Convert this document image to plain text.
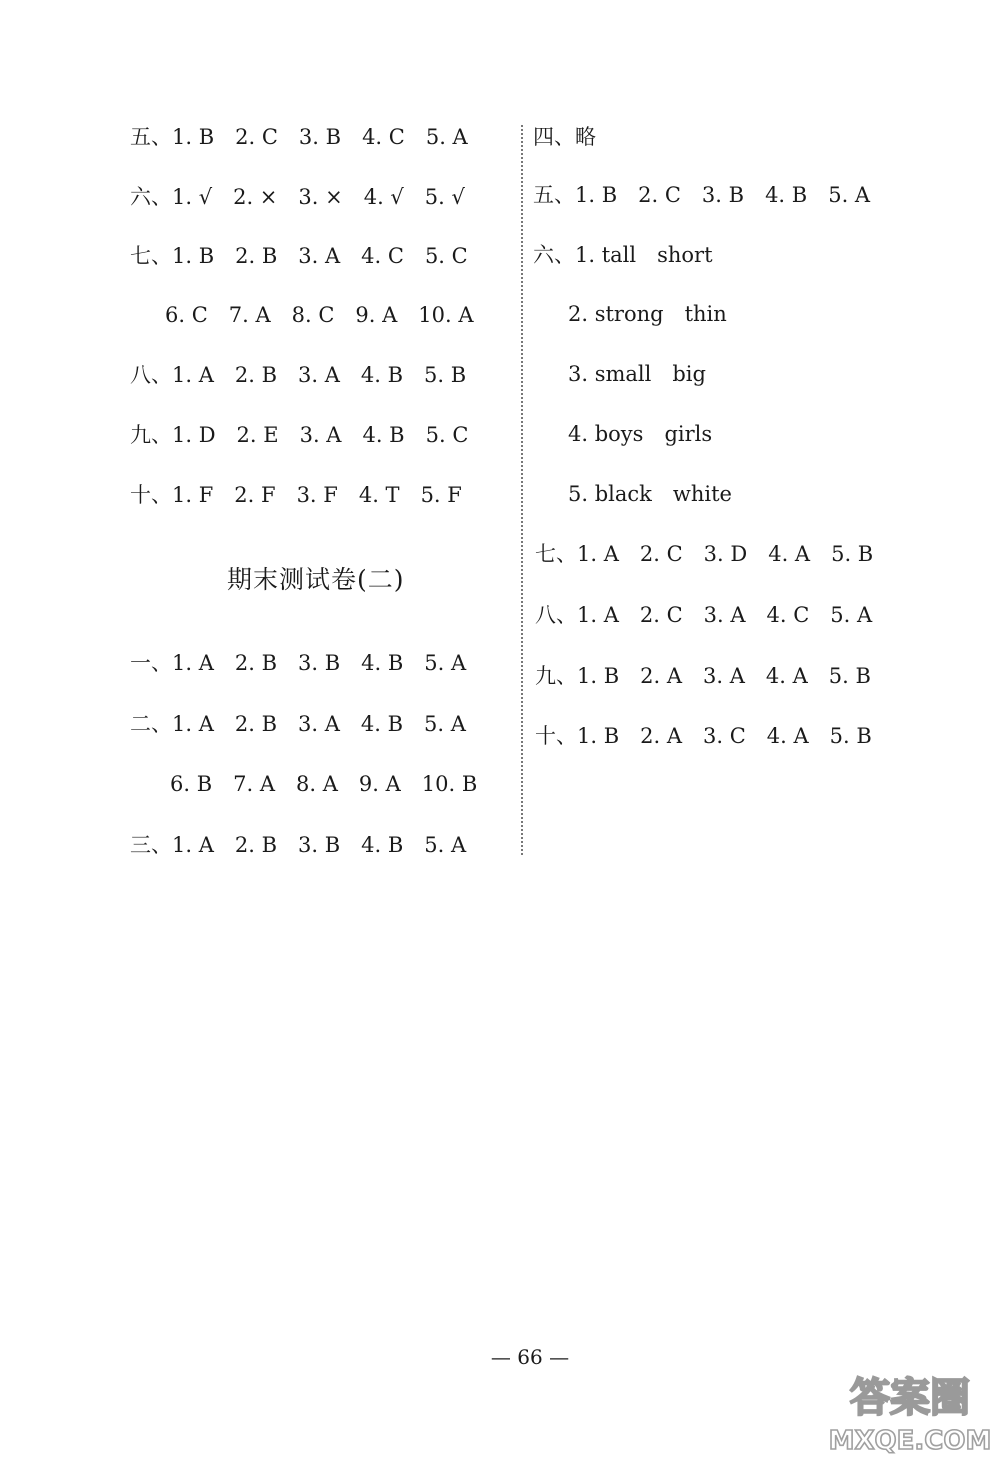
五、1. B　2. C　3. B　4. C　5. A
六、1. √　2. ×　3. ×　4. √　5. √
七、1. B　2. B　3. A　4. C　5. C
6. C　7. A　8. C　9. A　10. A
八、1. A　2. B　3. A　4. B　5. B
九、1. D　2. E　3. A　4. B　5. C
十、1. F　2. F　3. F　4. T　5. F
期末测试卷(二)
一、1. A　2. B　3. B　4. B　5. A
二、1. A　2. B　3. A　4. B　5. A
6. B　7. A　8. A　9. A　10. B
三、1. A　2. B　3. B　4. B　5. A
四、略
五、1. B　2. C　3. B　4. B　5. A
六、1. tall　short
2. strong　thin
3. small　big
4. boys　girls
5. black　white
七、1. A　2. C　3. D　4. A　5. B
八、1. A　2. C　3. A　4. C　5. A
九、1. B　2. A　3. A　4. A　5. B
十、1. B　2. A　3. C　4. A　5. B
— 66 —
答案圈
MXQE.COM
